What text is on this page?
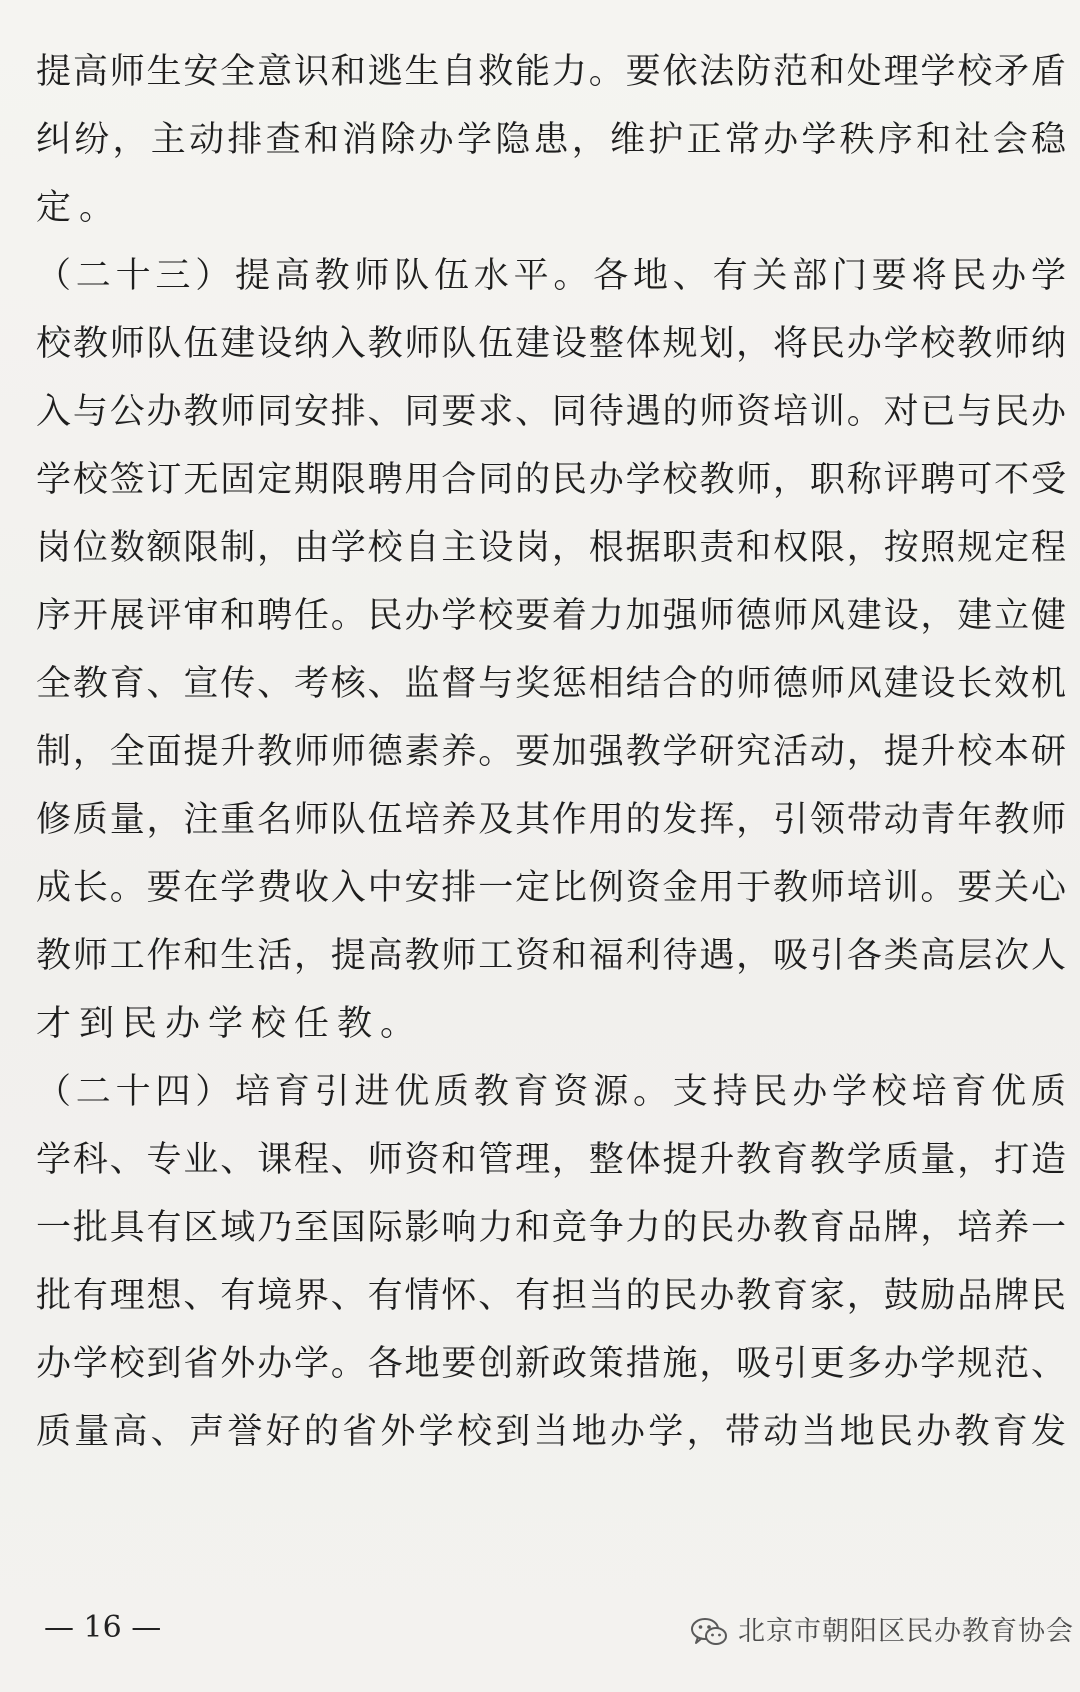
提高师生安全意识和逃生自救能力。要依法防范和处理学校矛盾
纠纷，主动排查和消除办学隐患，维护正常办学秩序和社会稳
定。
（二十三）提高教师队伍水平。各地、有关部门要将民办学
校教师队伍建设纳入教师队伍建设整体规划，将民办学校教师纳
入与公办教师同安排、同要求、同待遇的师资培训。对已与民办
学校签订无固定期限聘用合同的民办学校教师，职称评聘可不受
岗位数额限制，由学校自主设岗，根据职责和权限，按照规定程
序开展评审和聘任。民办学校要着力加强师德师风建设，建立健
全教育、宣传、考核、监督与奖惩相结合的师德师风建设长效机
制，全面提升教师师德素养。要加强教学研究活动，提升校本研
修质量，注重名师队伍培养及其作用的发挥，引领带动青年教师
成长。要在学费收入中安排一定比例资金用于教师培训。要关心
教师工作和生活，提高教师工资和福利待遇，吸引各类高层次人
才到民办学校任教。
（二十四）培育引进优质教育资源。支持民办学校培育优质
学科、专业、课程、师资和管理，整体提升教育教学质量，打造
一批具有区域乃至国际影响力和竞争力的民办教育品牌，培养一
批有理想、有境界、有情怀、有担当的民办教育家，鼓励品牌民
办学校到省外办学。各地要创新政策措施，吸引更多办学规范、
质量高、声誉好的省外学校到当地办学，带动当地民办教育发
— 16 —	北京市朝阳区民办教育协会
